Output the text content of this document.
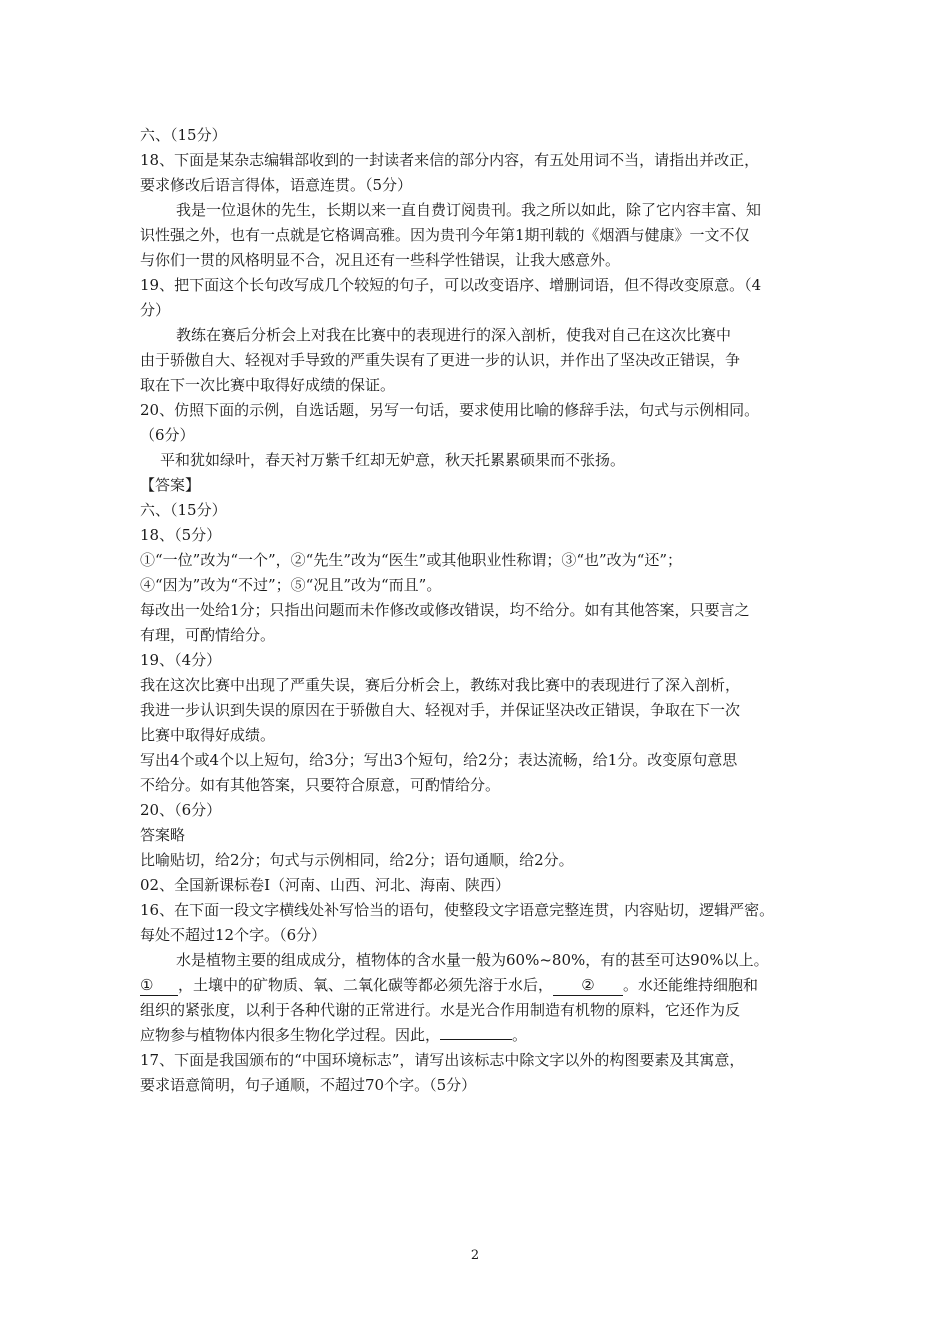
六、（15分）
18、下面是某杂志编辑部收到的一封读者来信的部分内容，有五处用词不当，请指出并改正，
要求修改后语言得体，语意连贯。（5分）
我是一位退休的先生，长期以来一直自费订阅贵刊。我之所以如此，除了它内容丰富、知
识性强之外，也有一点就是它格调高雅。因为贵刊今年第1期刊载的《烟酒与健康》一文不仅
与你们一贯的风格明显不合，况且还有一些科学性错误，让我大感意外。
19、把下面这个长句改写成几个较短的句子，可以改变语序、增删词语，但不得改变原意。（4
分）
教练在赛后分析会上对我在比赛中的表现进行的深入剖析，使我对自己在这次比赛中
由于骄傲自大、轻视对手导致的严重失误有了更进一步的认识，并作出了坚决改正错误，争
取在下一次比赛中取得好成绩的保证。
20、仿照下面的示例，自选话题，另写一句话，要求使用比喻的修辞手法，句式与示例相同。
（6分）
平和犹如绿叶，春天衬万紫千红却无妒意，秋天托累累硕果而不张扬。
【答案】
六、（15分）
18、（5分）
①“一位”改为“一个”，②“先生”改为“医生”或其他职业性称谓；③“也”改为“还”；
④“因为”改为“不过”；⑤“况且”改为“而且”。
每改出一处给1分；只指出问题而未作修改或修改错误，均不给分。如有其他答案，只要言之
有理，可酌情给分。
19、（4分）
我在这次比赛中出现了严重失误，赛后分析会上，教练对我比赛中的表现进行了深入剖析，
我进一步认识到失误的原因在于骄傲自大、轻视对手，并保证坚决改正错误，争取在下一次
比赛中取得好成绩。
写出4个或4个以上短句，给3分；写出3个短句，给2分；表达流畅，给1分。改变原句意思
不给分。如有其他答案，只要符合原意，可酌情给分。
20、（6分）
答案略
比喻贴切，给2分；句式与示例相同，给2分；语句通顺，给2分。
02、全国新课标卷Ⅰ（河南、山西、河北、海南、陕西）
16、在下面一段文字横线处补写恰当的语句，使整段文字语意完整连贯，内容贴切，逻辑严密。
每处不超过12个字。（6分）
水是植物主要的组成成分，植物体的含水量一般为60%~80%，有的甚至可达90%以上。
① ，土壤中的矿物质、氧、二氧化碳等都必须先溶于水后， ② 。水还能维持细胞和
组织的紧张度，以利于各种代谢的正常进行。水是光合作用制造有机物的原料，它还作为反
应物参与植物体内很多生物化学过程。因此，	。
17、下面是我国颁布的“中国环境标志”，请写出该标志中除文字以外的构图要素及其寓意，
要求语意简明，句子通顺，不超过70个字。（5分）
2
